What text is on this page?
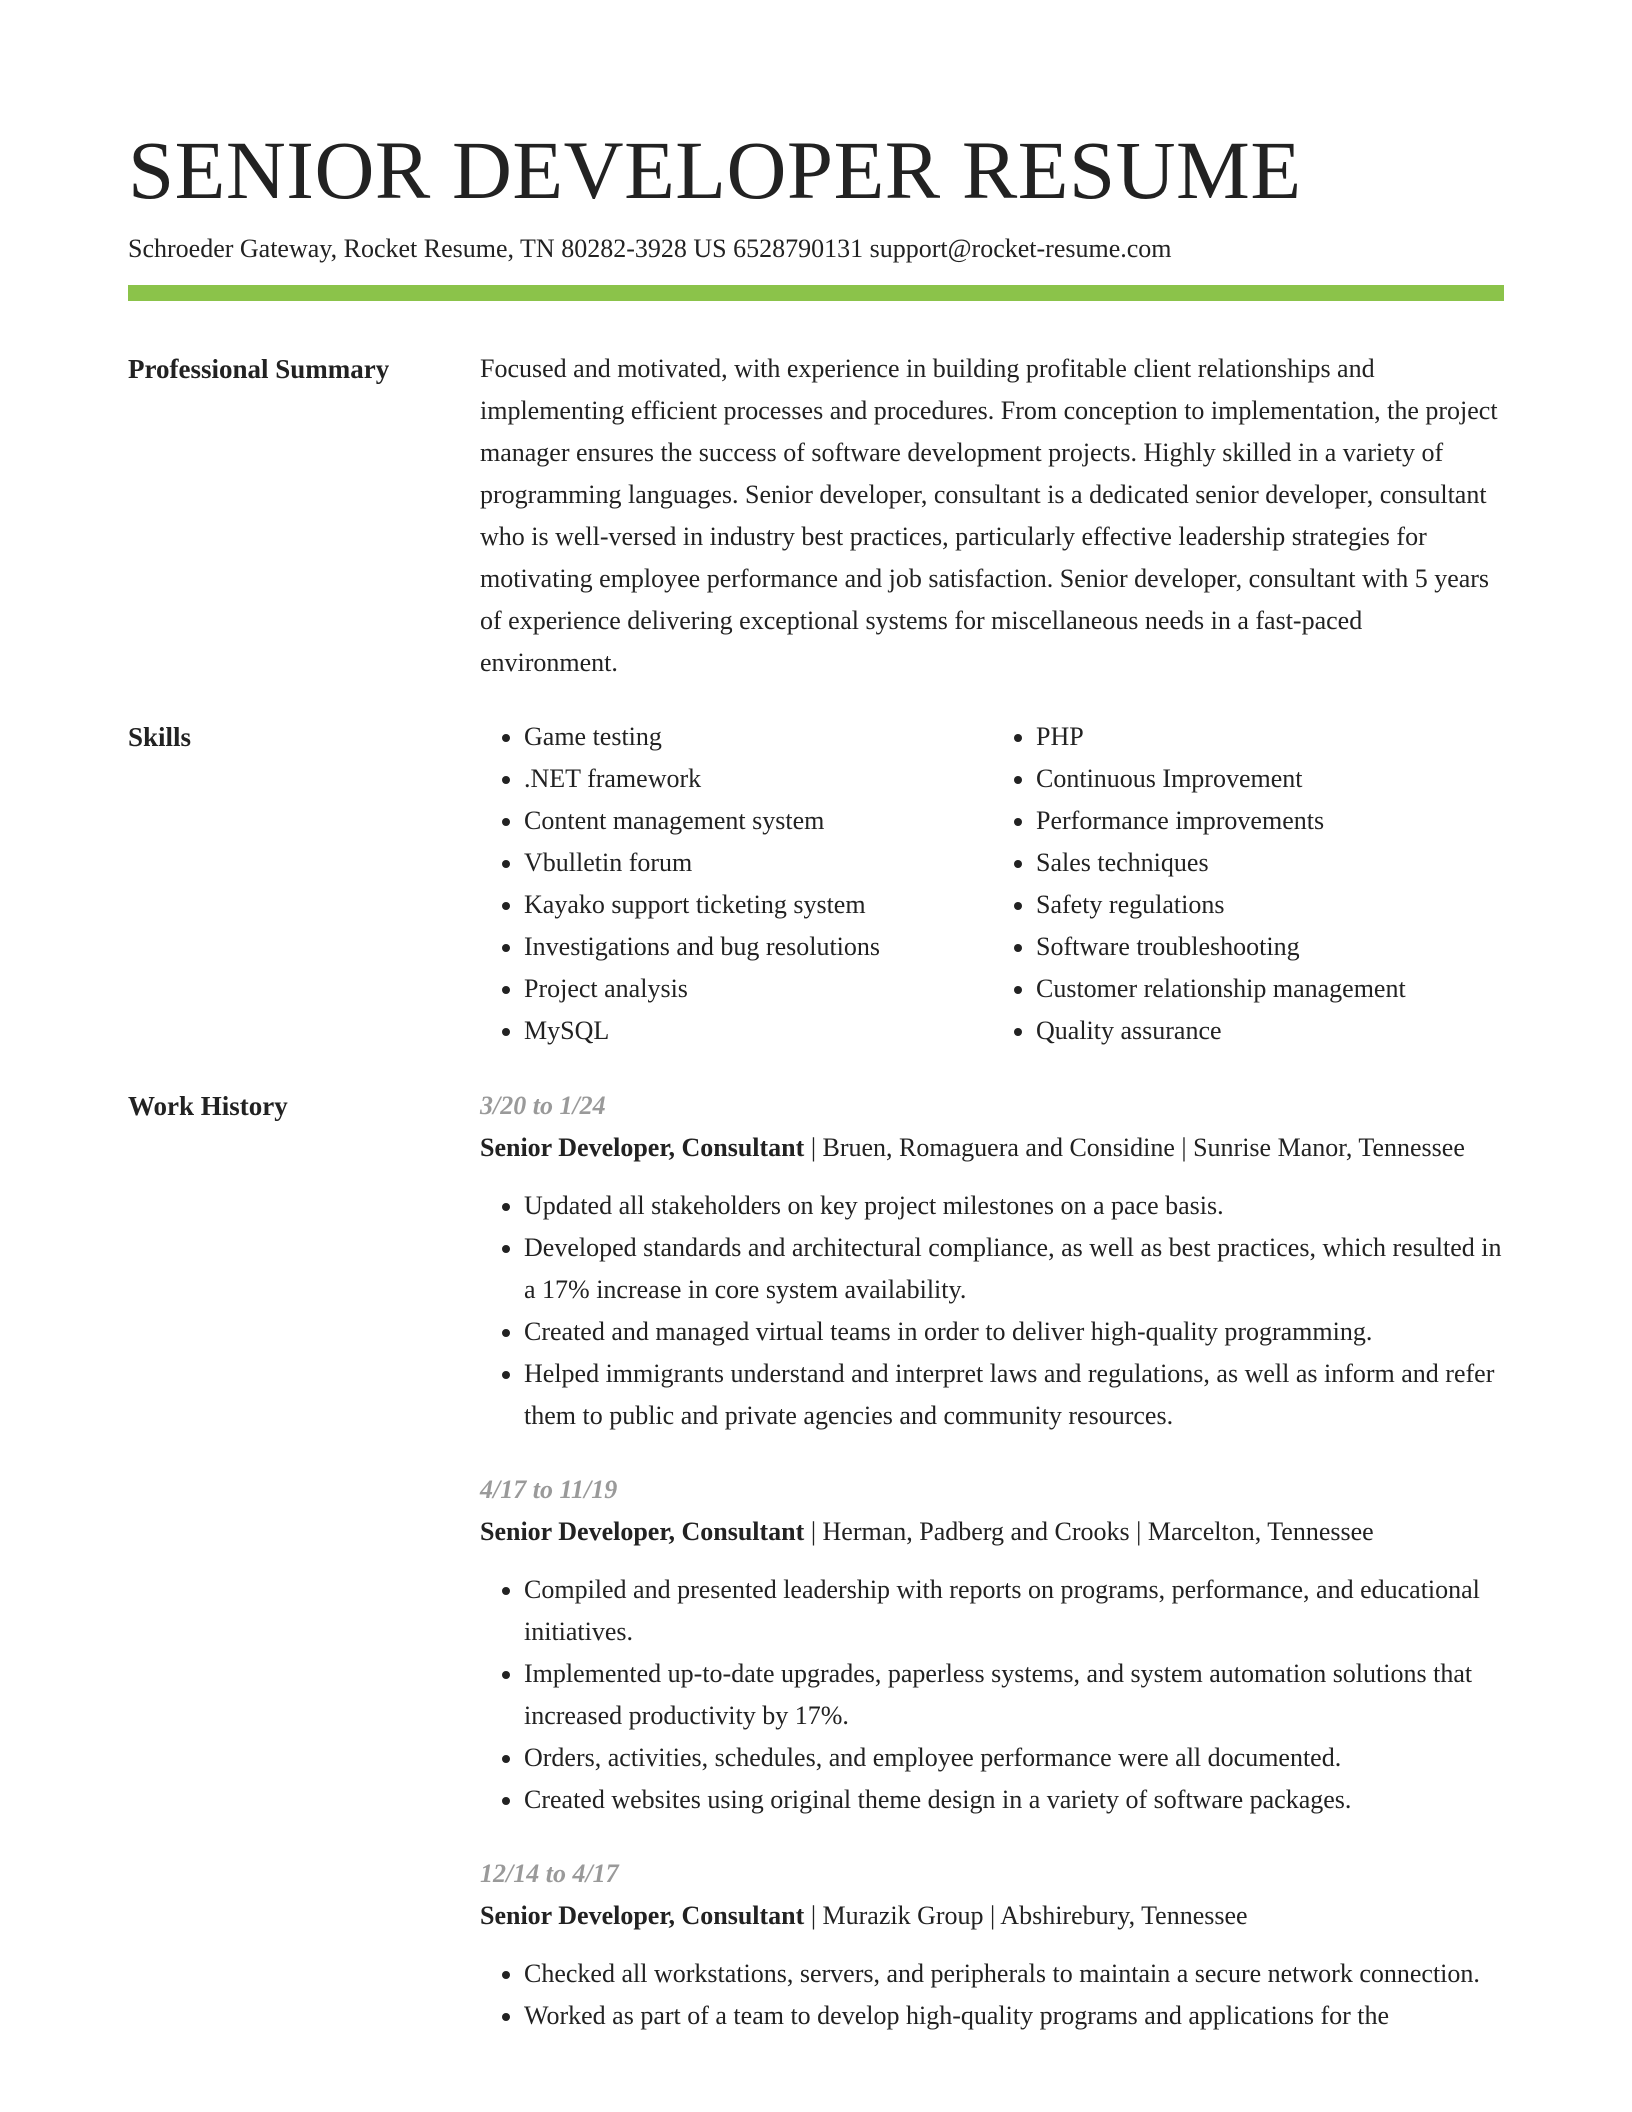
SENIOR DEVELOPER RESUME
Schroeder Gateway, Rocket Resume, TN 80282-3928 US 6528790131 support@rocket-resume.com
Professional Summary	Focused and motivated, with experience in building profitable client relationships and implementing efficient processes and procedures. From conception to implementation, the project manager ensures the success of software development projects. Highly skilled in a variety of programming languages. Senior developer, consultant is a dedicated senior developer, consultant who is well-versed in industry best practices, particularly effective leadership strategies for motivating employee performance and job satisfaction. Senior developer, consultant with 5 years of experience delivering exceptional systems for miscellaneous needs in a fast-paced environment.

Skills
•	Game testing
• .NET framework
• Content management system
• Vbulletin forum
• Kayako support ticketing system
• Investigations and bug resolutions
• Project analysis
• MySQL
• PHP
• Continuous Improvement
• Performance improvements
• Sales techniques
• Safety regulations
• Software troubleshooting
• Customer relationship management
• Quality assurance
Work History	3/20 to 1/24
Senior Developer, Consultant | Bruen, Romaguera and Considine | Sunrise Manor, Tennessee
• Updated all stakeholders on key project milestones on a pace basis.
• Developed standards and architectural compliance, as well as best practices, which resulted in a 17% increase in core system availability.
• Created and managed virtual teams in order to deliver high-quality programming.
• Helped immigrants understand and interpret laws and regulations, as well as inform and refer them to public and private agencies and community resources.
4/17 to 11/19
Senior Developer, Consultant | Herman, Padberg and Crooks | Marcelton, Tennessee
• Compiled and presented leadership with reports on programs, performance, and educational initiatives.
• Implemented up-to-date upgrades, paperless systems, and system automation solutions that increased productivity by 17%.
• Orders, activities, schedules, and employee performance were all documented.
• Created websites using original theme design in a variety of software packages.
12/14 to 4/17
Senior Developer, Consultant | Murazik Group | Abshirebury, Tennessee
• Checked all workstations, servers, and peripherals to maintain a secure network connection.
• Worked as part of a team to develop high-quality programs and applications for the
